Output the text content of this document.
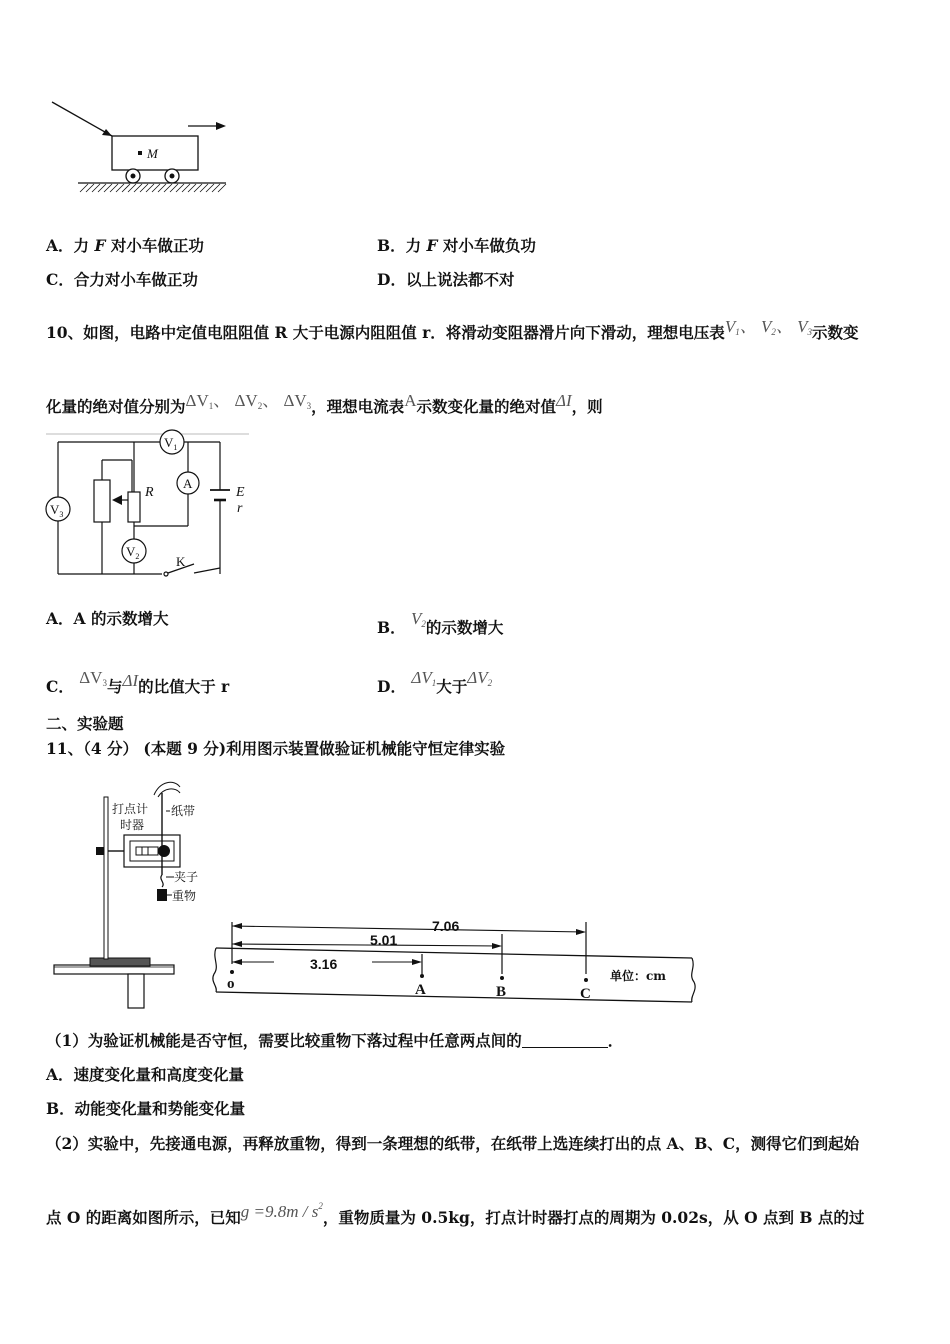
M
A．力 F 对小车做正功	B．力 F 对小车做负功
C．合力对小车做正功	D．以上说法都不对
10、如图，电路中定值电阻阻值 R 大于电源内阻阻值 r．将滑动变阻器滑片向下滑动，理想电压表$V_1$、 $V_2$、 $V_3$示数变
化量的绝对值分别为$\Delta V_1$、 $\Delta V_2$、 $\Delta V_3$，理想电流表A示数变化量的绝对值ΔI，则
$V_1$
$V_3$
$V_2$
A
R	E
r
K
A．A 的示数增大	B． $V_2$的示数增大
C． $\Delta V_3$与ΔI的比值大于 r	D． $\Delta V_1$大于$\Delta V_2$
二、实验题
11、（4 分） (本题 9 分)利用图示装置做验证机械能守恒定律实验
打点计
时器
纸带
夹子
重物
7.06
5.01
3.16
o	A	B	C
单位：cm
（1）为验证机械能是否守恒，需要比较重物下落过程中任意两点间的	．
A．速度变化量和高度变化量
B．动能变化量和势能变化量
（2）实验中，先接通电源，再释放重物，得到一条理想的纸带，在纸带上选连续打出的点 A、B、C，测得它们到起始
点 O 的距离如图所示，已知$g =9.8m / s^2$，重物质量为 0.5kg，打点计时器打点的周期为 0.02s，从 O 点到 B 点的过
